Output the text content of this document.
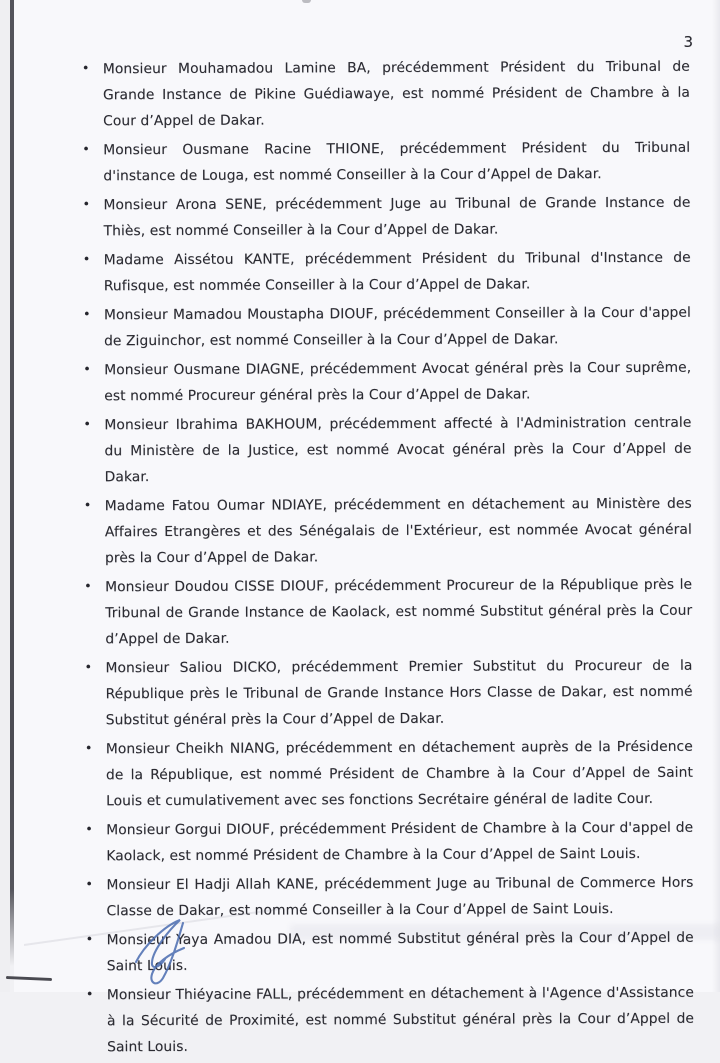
3
• Monsieur Mouhamadou Lamine BA, précédemment Président du Tribunal de Grande Instance de Pikine Guédiawaye, est nommé Président de Chambre à la Cour d’Appel de Dakar.
• Monsieur Ousmane Racine THIONE, précédemment Président du Tribunal d'instance de Louga, est nommé Conseiller à la Cour d’Appel de Dakar.
• Monsieur Arona SENE, précédemment Juge au Tribunal de Grande Instance de Thiès, est nommé Conseiller à la Cour d’Appel de Dakar.
• Madame Aissétou KANTE, précédemment Président du Tribunal d'Instance de Rufisque, est nommée Conseiller à la Cour d’Appel de Dakar.
• Monsieur Mamadou Moustapha DIOUF, précédemment Conseiller à la Cour d'appel de Ziguinchor, est nommé Conseiller à la Cour d’Appel de Dakar.
• Monsieur Ousmane DIAGNE, précédemment Avocat général près la Cour suprême, est nommé Procureur général près la Cour d’Appel de Dakar.
• Monsieur Ibrahima BAKHOUM, précédemment affecté à l'Administration centrale du Ministère de la Justice, est nommé Avocat général près la Cour d’Appel de Dakar.
• Madame Fatou Oumar NDIAYE, précédemment en détachement au Ministère des Affaires Etrangères et des Sénégalais de l'Extérieur, est nommée Avocat général près la Cour d’Appel de Dakar.
• Monsieur Doudou CISSE DIOUF, précédemment Procureur de la République près le Tribunal de Grande Instance de Kaolack, est nommé Substitut général près la Cour d’Appel de Dakar.
• Monsieur Saliou DICKO, précédemment Premier Substitut du Procureur de la République près le Tribunal de Grande Instance Hors Classe de Dakar, est nommé Substitut général près la Cour d’Appel de Dakar.
• Monsieur Cheikh NIANG, précédemment en détachement auprès de la Présidence de la République, est nommé Président de Chambre à la Cour d’Appel de Saint Louis et cumulativement avec ses fonctions Secrétaire général de ladite Cour.
• Monsieur Gorgui DIOUF, précédemment Président de Chambre à la Cour d'appel de Kaolack, est nommé Président de Chambre à la Cour d’Appel de Saint Louis.
• Monsieur El Hadji Allah KANE, précédemment Juge au Tribunal de Commerce Hors Classe de Dakar, est nommé Conseiller à la Cour d’Appel de Saint Louis.
• Monsieur Yaya Amadou DIA, est nommé Substitut général près la Cour d’Appel de Saint Louis.
• Monsieur Thiéyacine FALL, précédemment en détachement à l'Agence d'Assistance à la Sécurité de Proximité, est nommé Substitut général près la Cour d’Appel de Saint Louis.
